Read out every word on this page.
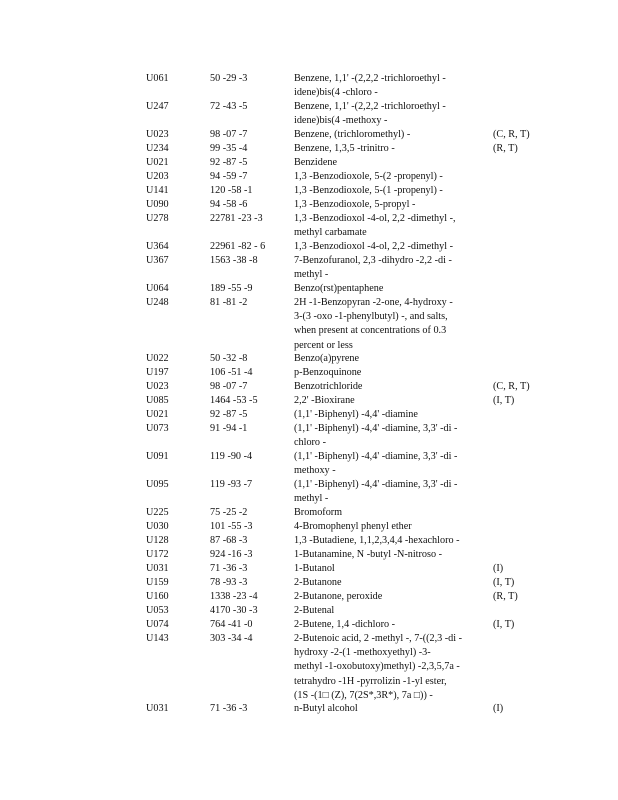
U061	50 -29 -3	Benzene, 1,1' -(2,2,2 -trichloroethyl -
idene)bis(4 -chloro -
U247	72 -43 -5	Benzene, 1,1' -(2,2,2 -trichloroethyl -
idene)bis(4 -methoxy -
U023	98 -07 -7	Benzene, (trichloromethyl) -	(C, R, T)
U234	99 -35 -4	Benzene, 1,3,5 -trinitro -	(R, T)
U021	92 -87 -5	Benzidene
U203	94 -59 -7	1,3 -Benzodioxole, 5-(2 -propenyl) -
U141	120 -58 -1	1,3 -Benzodioxole, 5-(1 -propenyl) -
U090	94 -58 -6	1,3 -Benzodioxole, 5-propyl -
U278	22781 -23 -3	1,3 -Benzodioxol -4-ol, 2,2 -dimethyl -,
methyl carbamate
U364	22961 -82 - 6	1,3 -Benzodioxol -4-ol, 2,2 -dimethyl -
U367	1563 -38 -8	7-Benzofuranol, 2,3 -dihydro -2,2 -di -
methyl -
U064	189 -55 -9	Benzo(rst)pentaphene
U248	81 -81 -2	2H -1-Benzopyran -2-one, 4-hydroxy -
3-(3 -oxo -1-phenylbutyl) -, and salts,
when present at concentrations of 0.3
percent or less
U022	50 -32 -8	Benzo(a)pyrene
U197	106 -51 -4	p-Benzoquinone
U023	98 -07 -7	Benzotrichloride	(C, R, T)
U085	1464 -53 -5	2,2' -Bioxirane	(I, T)
U021	92 -87 -5	(1,1' -Biphenyl) -4,4' -diamine
U073	91 -94 -1	(1,1' -Biphenyl) -4,4' -diamine, 3,3' -di -
chloro -
U091	119 -90 -4	(1,1' -Biphenyl) -4,4' -diamine, 3,3' -di -
methoxy -
U095	119 -93 -7	(1,1' -Biphenyl) -4,4' -diamine, 3,3' -di -
methyl -
U225	75 -25 -2	Bromoform
U030	101 -55 -3	4-Bromophenyl phenyl ether
U128	87 -68 -3	1,3 -Butadiene, 1,1,2,3,4,4 -hexachloro -
U172	924 -16 -3	1-Butanamine, N -butyl -N-nitroso -
U031	71 -36 -3	1-Butanol	(I)
U159	78 -93 -3	2-Butanone	(I, T)
U160	1338 -23 -4	2-Butanone, peroxide	(R, T)
U053	4170 -30 -3	2-Butenal
U074	764 -41 -0	2-Butene, 1,4 -dichloro -	(I, T)
U143	303 -34 -4	2-Butenoic acid, 2 -methyl -, 7-((2,3 -di -
hydroxy -2-(1 -methoxyethyl) -3-
methyl -1-oxobutoxy)methyl) -2,3,5,7a -
tetrahydro -1H -pyrrolizin -1-yl ester,
(1S -(1□ (Z), 7(2S*,3R*), 7a □)) -
U031	71 -36 -3	n-Butyl alcohol	(I)
